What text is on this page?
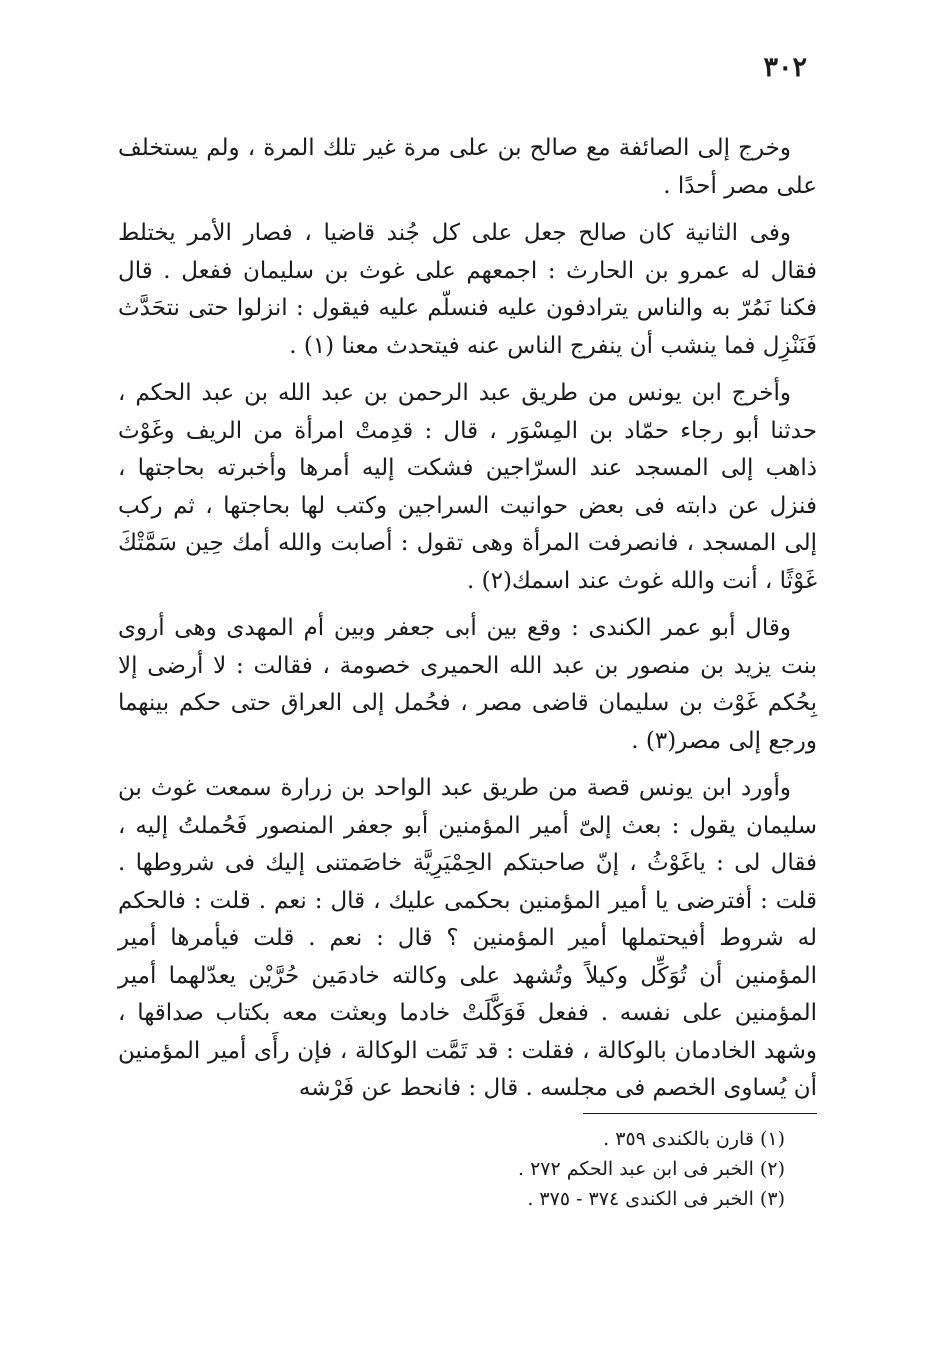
٣٠٢

وخرج إلى الصائفة مع صالح بن على مرة غير تلك المرة ، ولم يستخلف على مصر أحدًا .

وفى الثانية كان صالح جعل على كل جُند قاضيا ، فصار الأمر يختلط فقال له عمرو بن الحارث : اجمعهم على غوث بن سليمان ففعل . قال فكنا نَمُرّ به والناس يترادفون عليه فنسلّم عليه فيقول : انزلوا حتى نتحَدَّث فَنَنْزِل فما ينشب أن ينفرج الناس عنه فيتحدث معنا (١) .

وأخرج ابن يونس من طريق عبد الرحمن بن عبد الله بن عبد الحكم ، حدثنا أبو رجاء حمّاد بن المِسْوَر ، قال : قدِمتْ امرأة من الريف وغَوْث ذاهب إلى المسجد عند السرّاجين فشكت إليه أمرها وأخبرته بحاجتها ، فنزل عن دابته فى بعض حوانيت السراجين وكتب لها بحاجتها ، ثم ركب إلى المسجد ، فانصرفت المرأة وهى تقول : أصابت والله أمك حِين سَمَّتْكَ غَوْثًا ، أنت والله غوث عند اسمك(٢) .

وقال أبو عمر الكندى : وقع بين أبى جعفر وبين أم المهدى وهى أروى بنت يزيد بن منصور بن عبد الله الحميرى خصومة ، فقالت : لا أرضى إلا بِحُكم غَوْث بن سليمان قاضى مصر ، فحُمل إلى العراق حتى حكم بينهما ورجع إلى مصر(٣) .

وأورد ابن يونس قصة من طريق عبد الواحد بن زرارة سمعت غوث بن سليمان يقول : بعث إلىّ أمير المؤمنين أبو جعفر المنصور فَحُملتُ إليه ، فقال لى : ياغَوْثُ ، إنّ صاحبتكم الحِمْيَرِيَّة خاصَمتنى إليك فى شروطها . قلت : أفترضى يا أمير المؤمنين بحكمى عليك ، قال : نعم . قلت : فالحكم له شروط أفيحتملها أمير المؤمنين ؟ قال : نعم . قلت فيأمرها أمير المؤمنين أن تُوَكِّل وكيلاً وتُشهد على وكالته خادمَين حُرَّيْن يعدّلهما أمير المؤمنين على نفسه . ففعل فَوَكَّلَتْ خادما وبعثت معه بكتاب صداقها ، وشهد الخادمان بالوكالة ، فقلت : قد تَمَّت الوكالة ، فإن رأَى أمير المؤمنين أن يُساوى الخصم فى مجلسه . قال : فانحط عن فَرْشه

(١) قارن بالكندى ٣٥٩ .

(٢) الخبر فى ابن عبد الحكم ٢٧٢ .

(٣) الخبر فى الكندى ٣٧٤ - ٣٧٥ .
